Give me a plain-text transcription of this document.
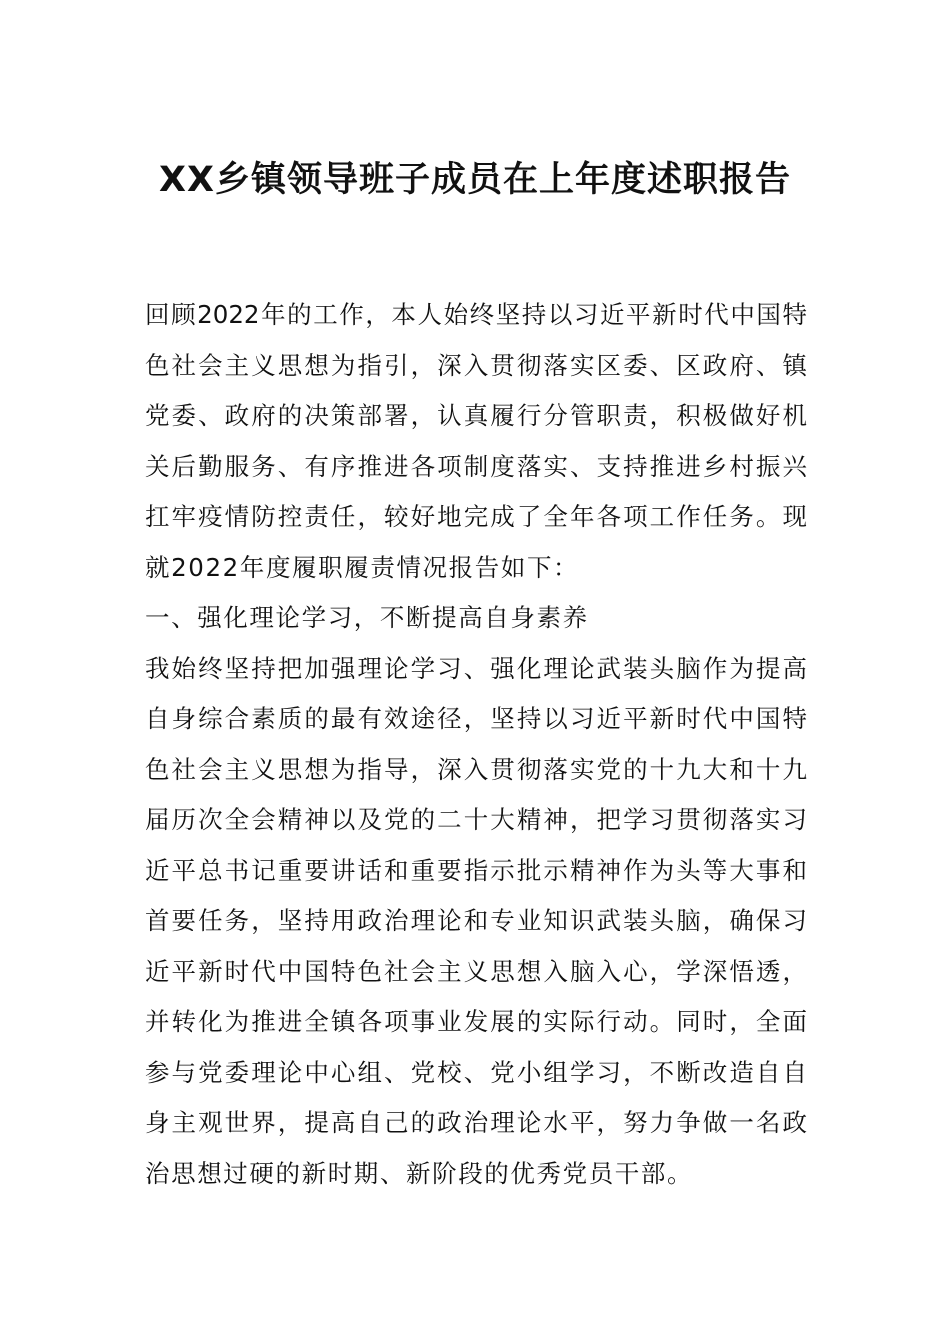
XX乡镇领导班子成员在上年度述职报告
回顾2022年的工作，本人始终坚持以习近平新时代中国特
色社会主义思想为指引，深入贯彻落实区委、区政府、镇
党委、政府的决策部署，认真履行分管职责，积极做好机
关后勤服务、有序推进各项制度落实、支持推进乡村振兴
扛牢疫情防控责任，较好地完成了全年各项工作任务。现
就2022年度履职履责情况报告如下：
一、强化理论学习，不断提高自身素养
我始终坚持把加强理论学习、强化理论武装头脑作为提高
自身综合素质的最有效途径，坚持以习近平新时代中国特
色社会主义思想为指导，深入贯彻落实党的十九大和十九
届历次全会精神以及党的二十大精神，把学习贯彻落实习
近平总书记重要讲话和重要指示批示精神作为头等大事和
首要任务，坚持用政治理论和专业知识武装头脑，确保习
近平新时代中国特色社会主义思想入脑入心，学深悟透，
并转化为推进全镇各项事业发展的实际行动。同时，全面
参与党委理论中心组、党校、党小组学习，不断改造自自
身主观世界，提高自己的政治理论水平，努力争做一名政
治思想过硬的新时期、新阶段的优秀党员干部。
